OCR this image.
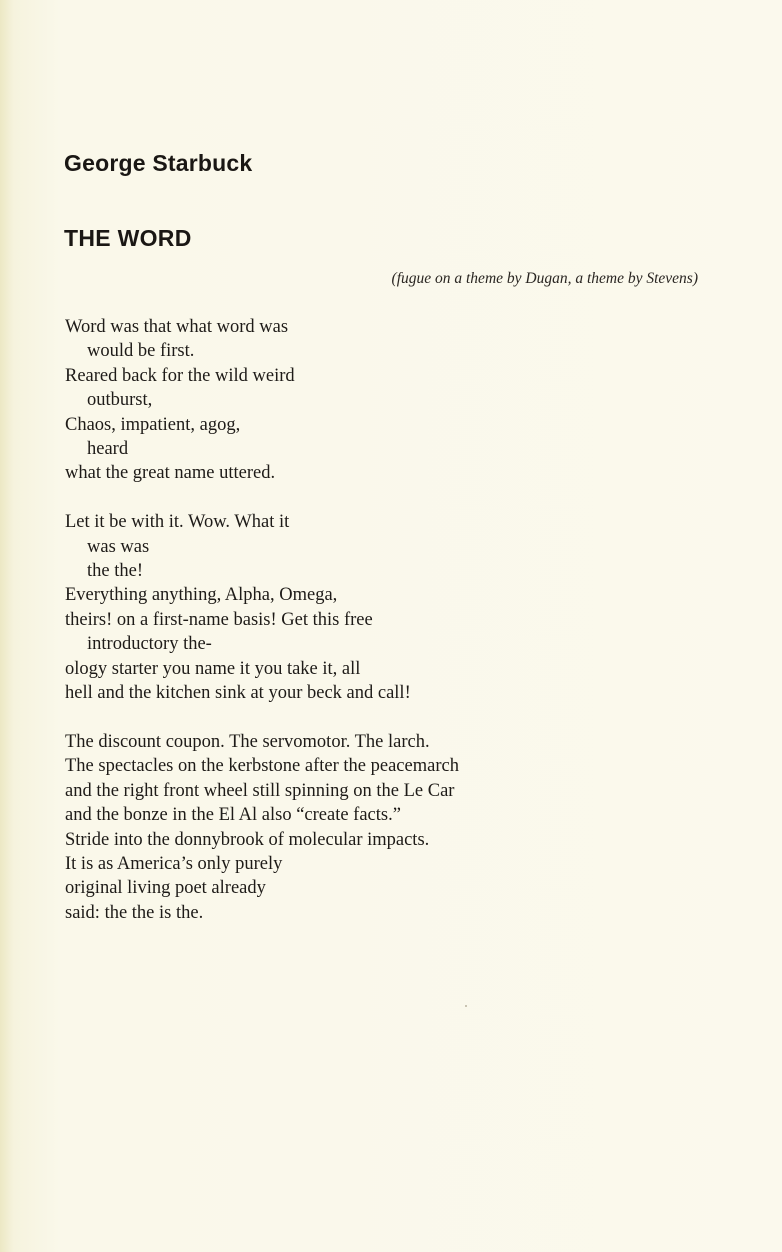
George Starbuck
THE WORD

(fugue on a theme by Dugan, a theme by Stevens)

Word was that what word was
would be first.
Reared back for the wild weird
outburst,
Chaos, impatient, agog,
heard
what the great name uttered.
Let it be with it. Wow. What it
was was
the the!
Everything anything, Alpha, Omega,
theirs! on a first-name basis! Get this free
introductory the-
ology starter you name it you take it, all
hell and the kitchen sink at your beck and call!
The discount coupon. The servomotor. The larch.
The spectacles on the kerbstone after the peacemarch
and the right front wheel still spinning on the Le Car
and the bonze in the El Al also “create facts.”
Stride into the donnybrook of molecular impacts.
It is as America’s only purely
original living poet already
said: the the is the.
